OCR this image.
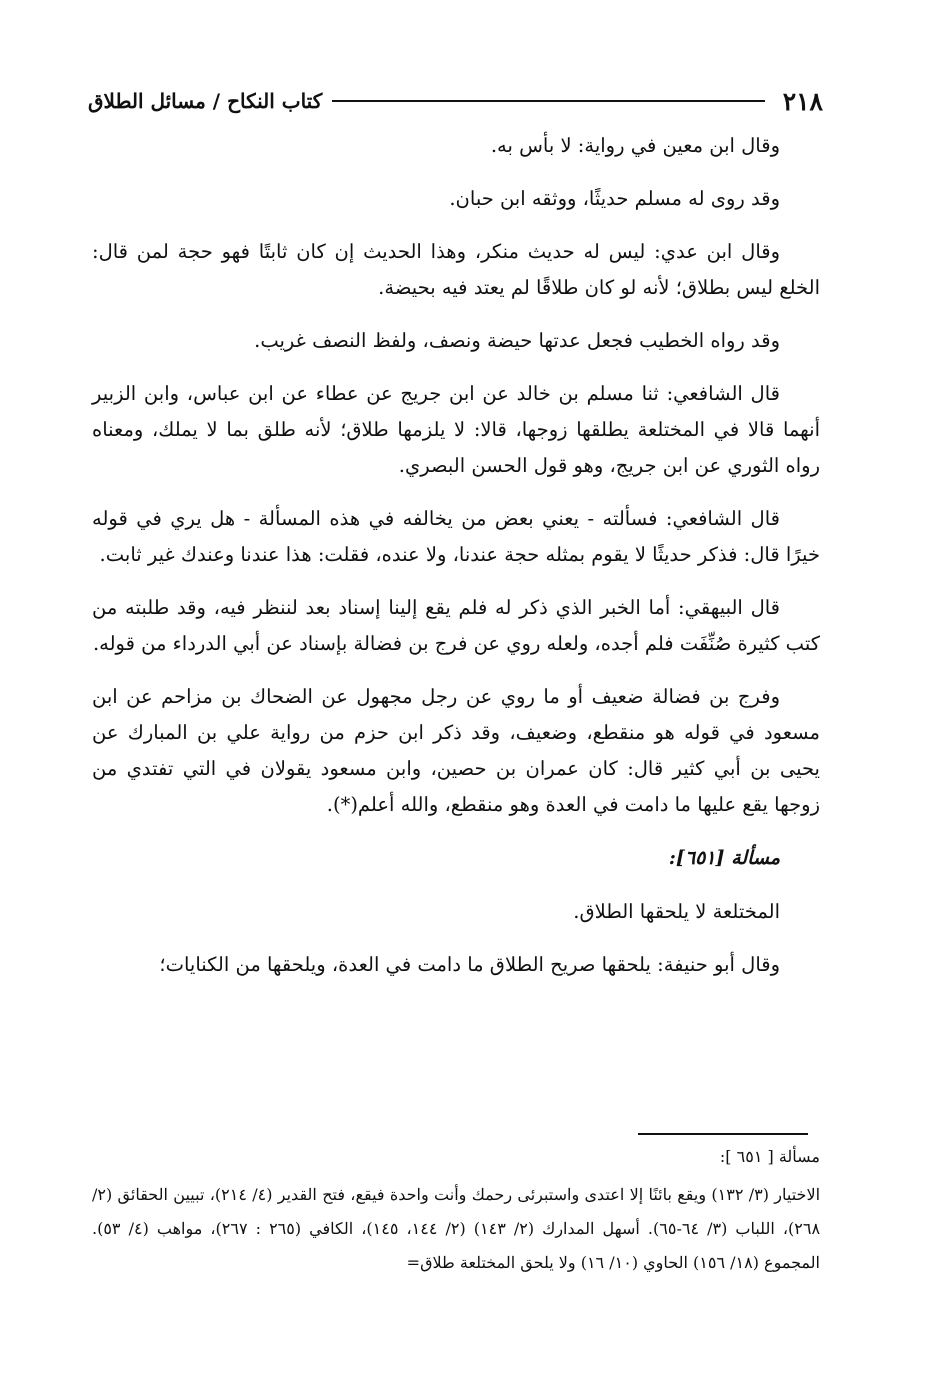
٢١٨
كتاب النكاح / مسائل الطلاق

وقال ابن معين في رواية: لا بأس به.

وقد روى له مسلم حديثًا، ووثقه ابن حبان.

وقال ابن عدي: ليس له حديث منكر، وهذا الحديث إن كان ثابتًا فهو حجة لمن قال: الخلع ليس بطلاق؛ لأنه لو كان طلاقًا لم يعتد فيه بحيضة.

وقد رواه الخطيب فجعل عدتها حيضة ونصف، ولفظ النصف غريب.

قال الشافعي: ثنا مسلم بن خالد عن ابن جريج عن عطاء عن ابن عباس، وابن الزبير أنهما قالا في المختلعة يطلقها زوجها، قالا: لا يلزمها طلاق؛ لأنه طلق بما لا يملك، ومعناه رواه الثوري عن ابن جريج، وهو قول الحسن البصري.

قال الشافعي: فسألته - يعني بعض من يخالفه في هذه المسألة - هل يري في قوله خيرًا قال: فذكر حديثًا لا يقوم بمثله حجة عندنا، ولا عنده، فقلت: هذا عندنا وعندك غير ثابت.

قال البيهقي: أما الخبر الذي ذكر له فلم يقع إلينا إسناد بعد لننظر فيه، وقد طلبته من كتب كثيرة صُنِّفَت فلم أجده، ولعله روي عن فرج بن فضالة بإسناد عن أبي الدرداء من قوله.

وفرج بن فضالة ضعيف أو ما روي عن رجل مجهول عن الضحاك بن مزاحم عن ابن مسعود في قوله هو منقطع، وضعيف، وقد ذكر ابن حزم من رواية علي بن المبارك عن يحيى بن أبي كثير قال: كان عمران بن حصين، وابن مسعود يقولان في التي تفتدي من زوجها يقع عليها ما دامت في العدة وهو منقطع، والله أعلم(*).

مسألة [٦٥١]:

المختلعة لا يلحقها الطلاق.

وقال أبو حنيفة: يلحقها صريح الطلاق ما دامت في العدة، ويلحقها من الكنايات؛

مسألة [ ٦٥١ ]:

الاختيار (٣/ ١٣٢) ويقع بائنًا إلا اعتدى واستبرئى رحمك وأنت واحدة فيقع، فتح القدير (٤/ ٢١٤)، تبيين الحقائق (٢/ ٢٦٨)، اللباب (٣/ ٦٤-٦٥). أسهل المدارك (٢/ ١٤٣) (٢/ ١٤٤، ١٤٥)، الكافي (٢٦٥ : ٢٦٧)، مواهب (٤/ ٥٣). المجموع (١٨/ ١٥٦) الحاوي (١٠/ ١٦) ولا يلحق المختلعة طلاق=
